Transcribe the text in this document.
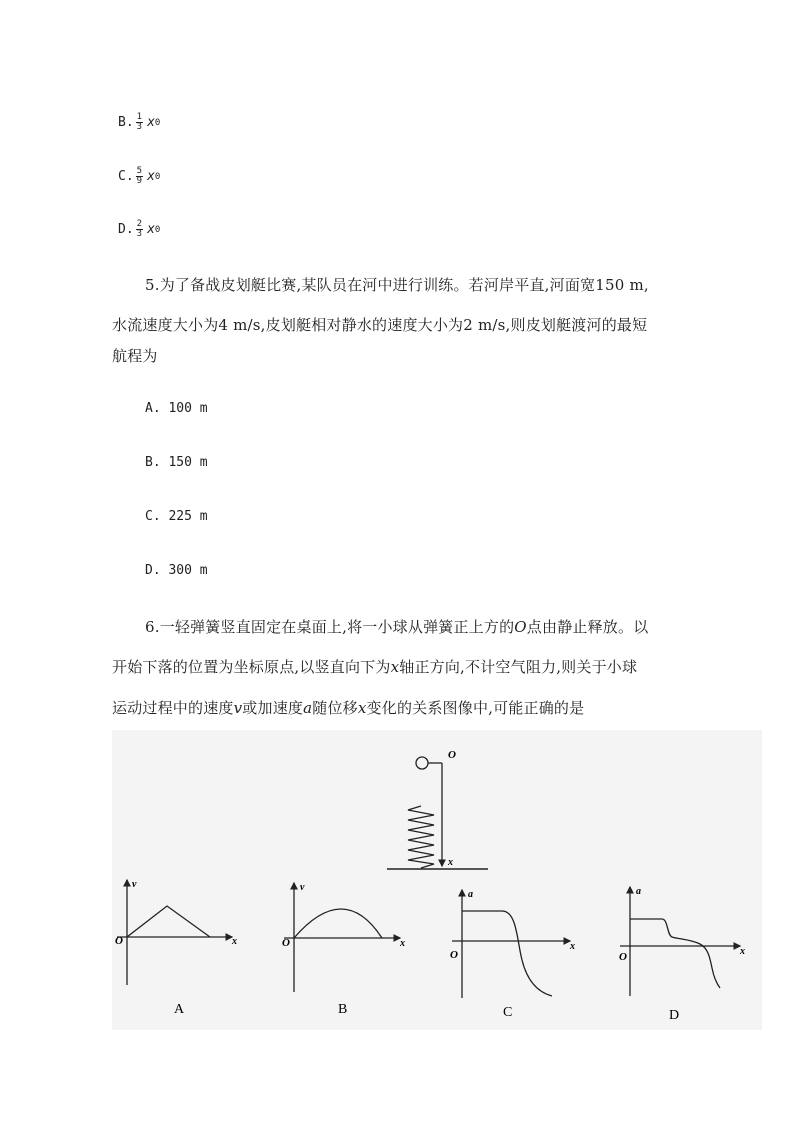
B. $\frac{1}{3}$ x 0
C. $\frac{5}{9}$ x 0
D. $\frac{2}{3}$ x 0
5.为了备战皮划艇比赛,某队员在河中进行训练。若河岸平直,河面宽150 m,
水流速度大小为4 m/s,皮划艇相对静水的速度大小为2 m/s,则皮划艇渡河的最短
航程为
A. 100 m
B. 150 m
C. 225 m
D. 300 m
6.一轻弹簧竖直固定在桌面上,将一小球从弹簧正上方的O点由静止释放。以
开始下落的位置为坐标原点,以竖直向下为x轴正方向,不计空气阻力,则关于小球
运动过程中的速度v或加速度a随位移x变化的关系图像中,可能正确的是
O
x
v
x
O
A
v
x
O
B
a
x
O
C
a
x
O
D
